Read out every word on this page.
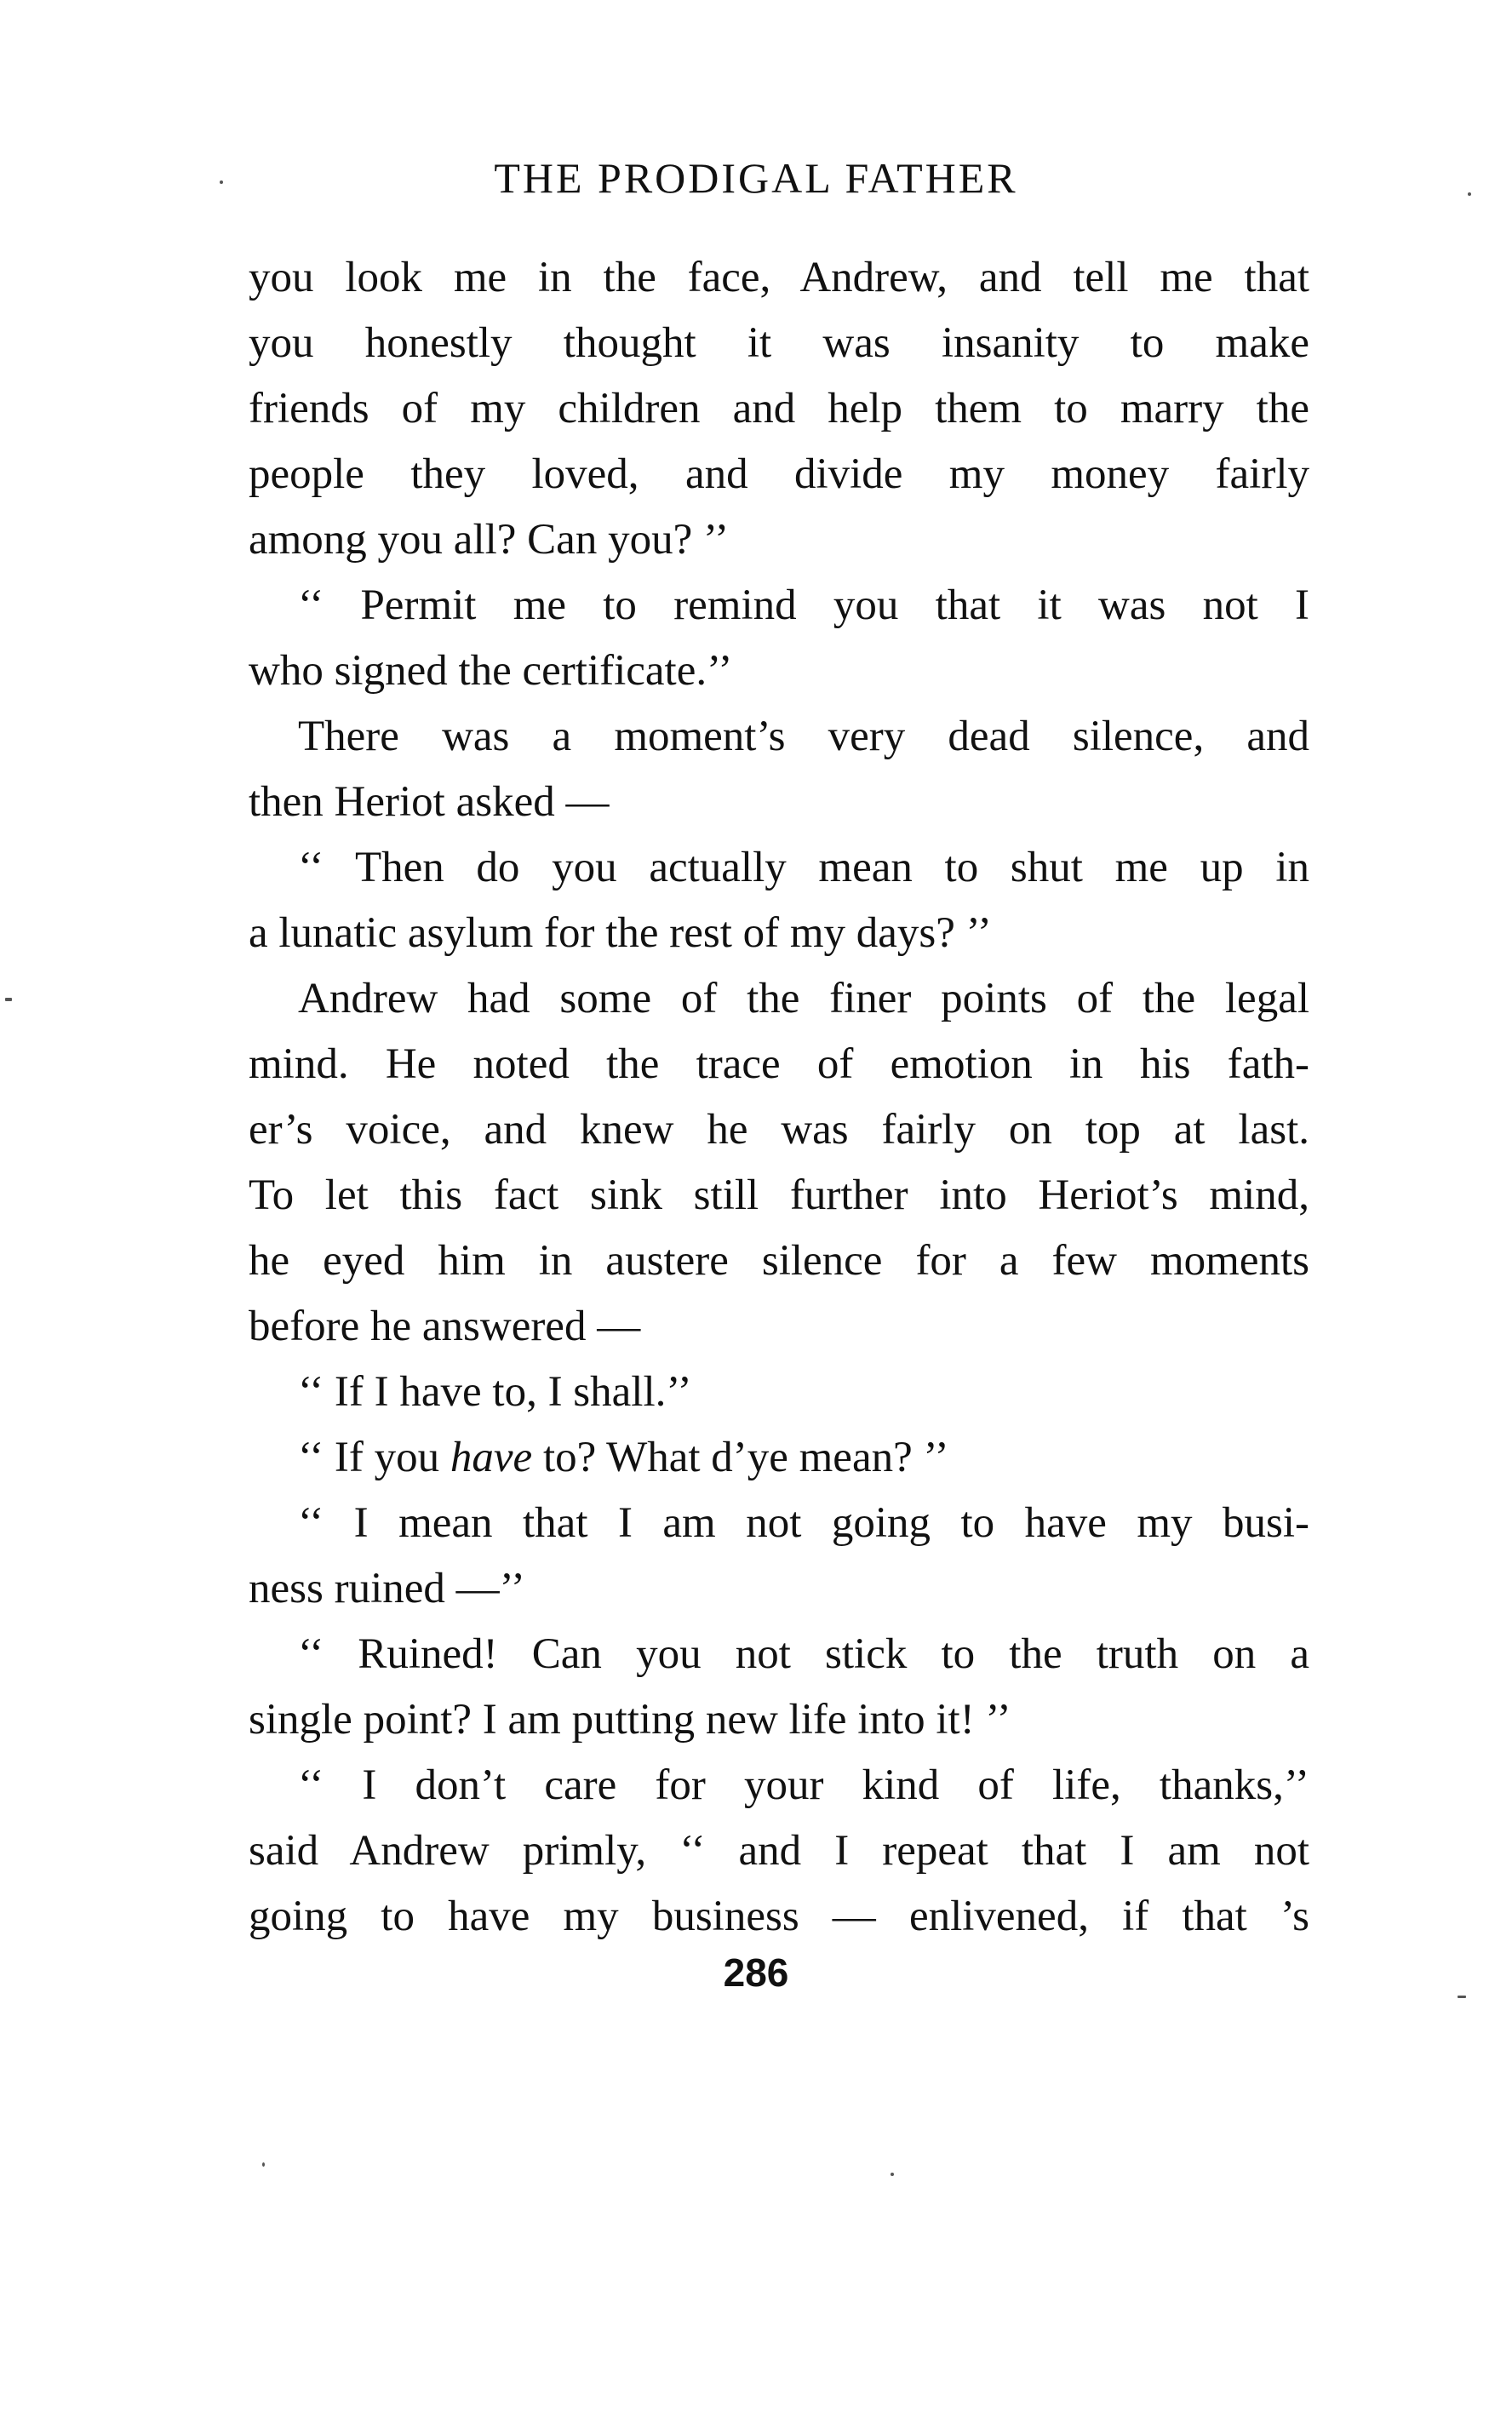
THE PRODIGAL FATHER
you look me in the face, Andrew, and tell me that
you honestly thought it was insanity to make
friends of my children and help them to marry the
people they loved, and divide my money fairly
among you all? Can you? ’’
‘‘ Permit me to remind you that it was not I
who signed the certificate.’’
There was a moment’s very dead silence, and
then Heriot asked —
‘‘ Then do you actually mean to shut me up in
a lunatic asylum for the rest of my days? ’’
Andrew had some of the finer points of the legal
mind. He noted the trace of emotion in his fath-
er’s voice, and knew he was fairly on top at last.
To let this fact sink still further into Heriot’s mind,
he eyed him in austere silence for a few moments
before he answered —
‘‘ If I have to, I shall.’’
‘‘ If you have to? What d’ye mean? ’’
‘‘ I mean that I am not going to have my busi-
ness ruined —’’
‘‘ Ruined! Can you not stick to the truth on a
single point? I am putting new life into it! ’’
‘‘ I don’t care for your kind of life, thanks,’’
said Andrew primly, ‘‘ and I repeat that I am not
going to have my business — enlivened, if that ’s
286
